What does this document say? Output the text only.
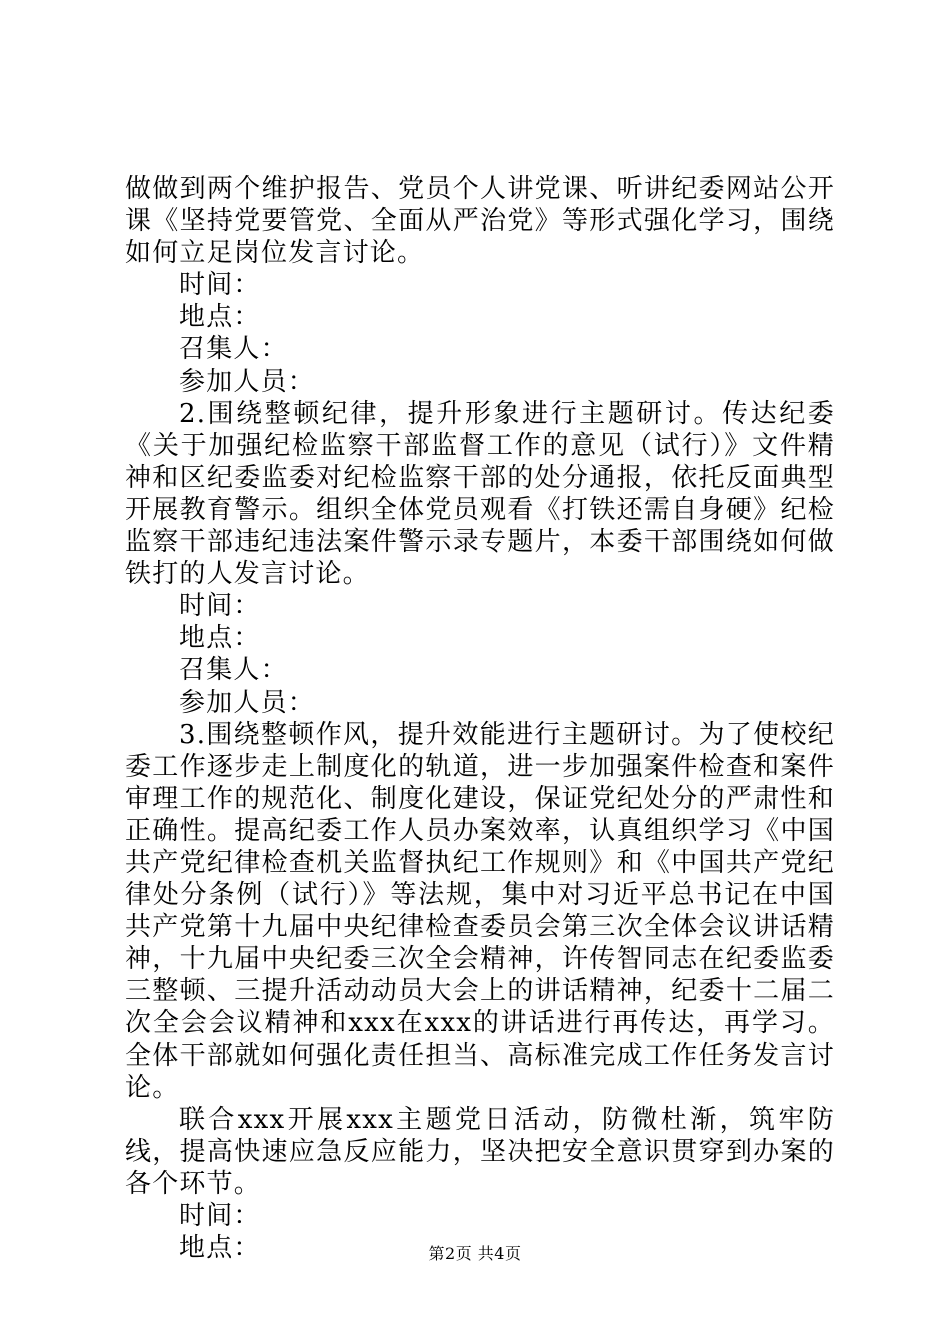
做做到两个维护报告、党员个人讲党课、听讲纪委网站公开课《坚持党要管党、全面从严治党》等形式强化学习，围绕如何立足岗位发言讨论。

时间：

地点：

召集人：

参加人员：

2.围绕整顿纪律，提升形象进行主题研讨。传达纪委《关于加强纪检监察干部监督工作的意见（试行）》文件精神和区纪委监委对纪检监察干部的处分通报，依托反面典型开展教育警示。组织全体党员观看《打铁还需自身硬》纪检监察干部违纪违法案件警示录专题片，本委干部围绕如何做铁打的人发言讨论。

时间：

地点：

召集人：

参加人员：

3.围绕整顿作风，提升效能进行主题研讨。为了使校纪委工作逐步走上制度化的轨道，进一步加强案件检查和案件审理工作的规范化、制度化建设，保证党纪处分的严肃性和正确性。提高纪委工作人员办案效率，认真组织学习《中国共产党纪律检查机关监督执纪工作规则》和《中国共产党纪律处分条例（试行）》等法规，集中对习近平总书记在中国共产党第十九届中央纪律检查委员会第三次全体会议讲话精神，十九届中央纪委三次全会精神，许传智同志在纪委监委三整顿、三提升活动动员大会上的讲话精神，纪委十二届二次全会会议精神和xxx在xxx的讲话进行再传达，再学习。全体干部就如何强化责任担当、高标准完成工作任务发言讨论。

联合xxx开展xxx主题党日活动，防微杜渐，筑牢防线，提高快速应急反应能力，坚决把安全意识贯穿到办案的各个环节。

时间：

地点：	第2页 共4页
